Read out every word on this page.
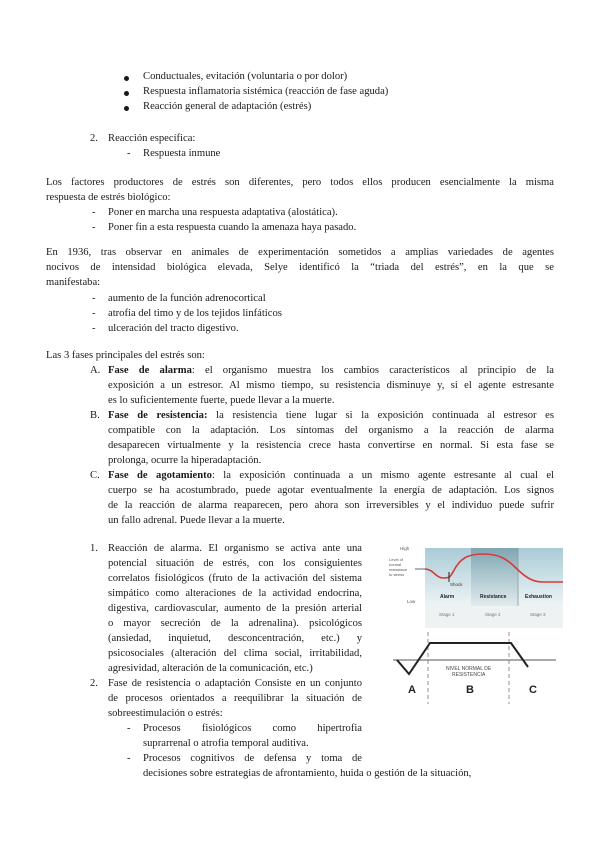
Conductuales, evitación (voluntaria o por dolor)
Respuesta inflamatoria sistémica (reacción de fase aguda)
Reacción general de adaptación (estrés)
2. Reacción específica:
- Respuesta inmune
Los factores productores de estrés son diferentes, pero todos ellos producen esencialmente la misma
respuesta de estrés biológico:
- Poner en marcha una respuesta adaptativa (alostática).
- Poner fin a esta respuesta cuando la amenaza haya pasado.
En 1936, tras observar en animales de experimentación sometidos a amplias variedades de agentes
nocivos de intensidad biológica elevada, Selye identificó la “triada del estrés”, en la que se
manifestaba:
- aumento de la función adrenocortical
- atrofia del timo y de los tejidos linfáticos
- ulceración del tracto digestivo.
Las 3 fases principales del estrés son:
A. Fase de alarma: el organismo muestra los cambios característicos al principio de la
exposición a un estresor. Al mismo tiempo, su resistencia disminuye y, si el agente estresante
es lo suficientemente fuerte, puede llevar a la muerte.
B. Fase de resistencia: la resistencia tiene lugar si la exposición continuada al estresor es
compatible con la adaptación. Los síntomas del organismo a la reacción de alarma
desaparecen virtualmente y la resistencia crece hasta convertirse en normal. Si esta fase se
prolonga, ocurre la hiperadaptación.
C. Fase de agotamiento: la exposición continuada a un mismo agente estresante al cual el
cuerpo se ha acostumbrado, puede agotar eventualmente la energía de adaptación. Los signos
de la reacción de alarma reaparecen, pero ahora son irreversibles y el individuo puede sufrir
un fallo adrenal. Puede llevar a la muerte.
1. Reacción de alarma. El organismo se activa ante una
potencial situación de estrés, con los consiguientes
correlatos fisiológicos (fruto de la activación del sistema
simpático como alteraciones de la actividad endocrina,
digestiva, cardiovascular, aumento de la presión arterial
o mayor secreción de la adrenalina). psicológicos
(ansiedad, inquietud, desconcentración, etc.) y
psicosociales (alteración del clima social, irritabilidad,
agresividad, alteración de la comunicación, etc.)
2. Fase de resistencia o adaptación Consiste en un conjunto
de procesos orientados a reequilibrar la situación de
sobreestimulación o estrés:
- Procesos fisiológicos como hipertrofia
suprarrenal o atrofia temporal auditiva.
- Procesos cognitivos de defensa y toma de
decisiones sobre estrategias de afrontamiento, huida o gestión de la situación,
High
Level of
normal
resistance
to stress
Low
Shock
Alarm	Resistance	Exhaustion
Stage 1	Stage 2	Stage 3
NIVEL NORMAL DE
RESISTENCIA
A	B	C
